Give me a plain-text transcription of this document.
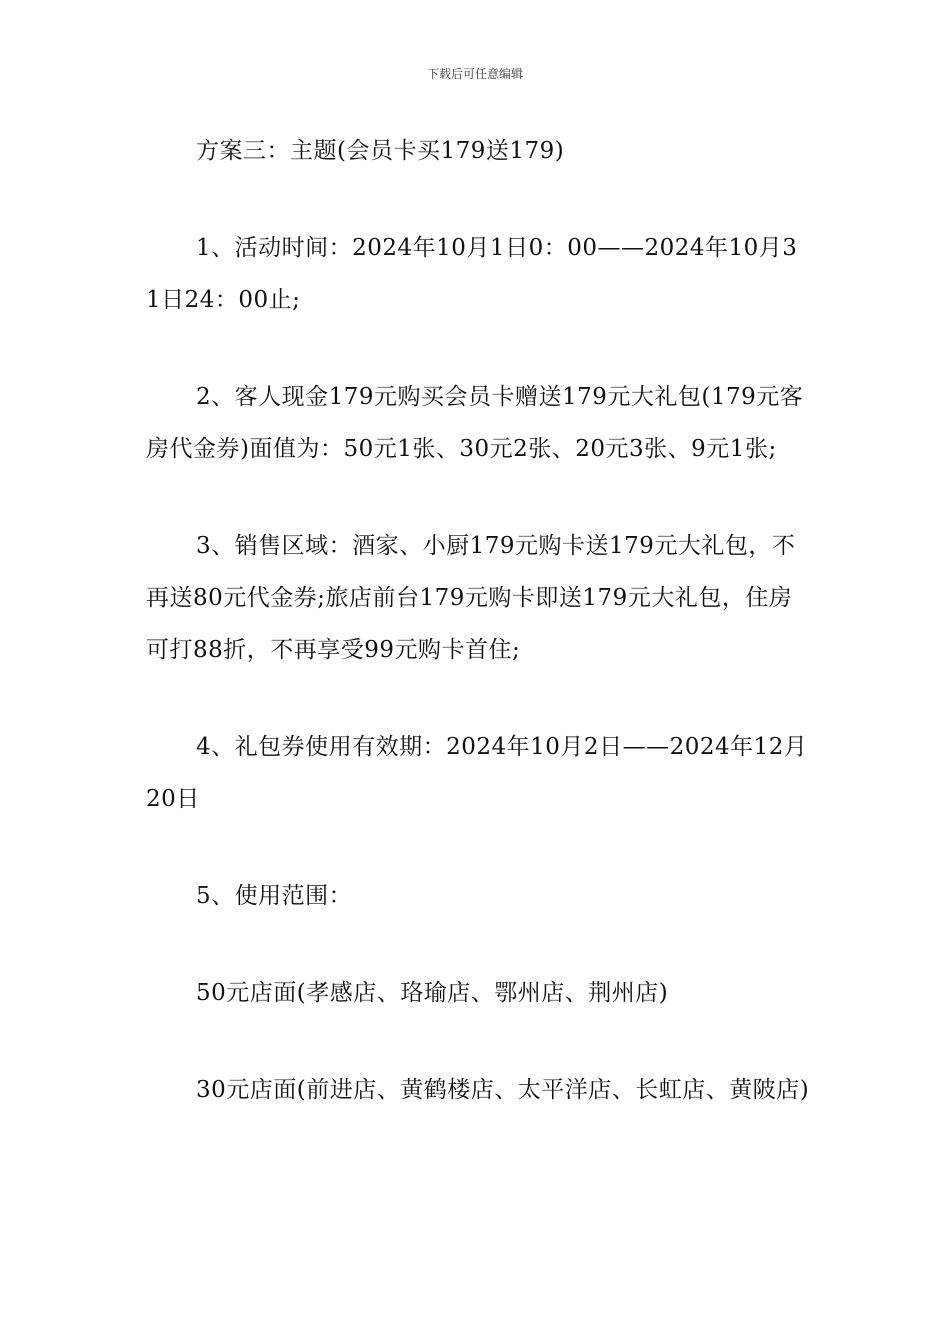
下载后可任意编辑

方案三：主题(会员卡买179送179)

1、活动时间：2024年10月1日0：00——2024年10月31日24：00止;

2、客人现金179元购买会员卡赠送179元大礼包(179元客房代金券)面值为：50元1张、30元2张、20元3张、9元1张;

3、销售区域：酒家、小厨179元购卡送179元大礼包，不再送80元代金券;旅店前台179元购卡即送179元大礼包，住房可打88折，不再享受99元购卡首住;

4、礼包券使用有效期：2024年10月2日——2024年12月20日

5、使用范围：

50元店面(孝感店、珞瑜店、鄂州店、荆州店)

30元店面(前进店、黄鹤楼店、太平洋店、长虹店、黄陂店)
